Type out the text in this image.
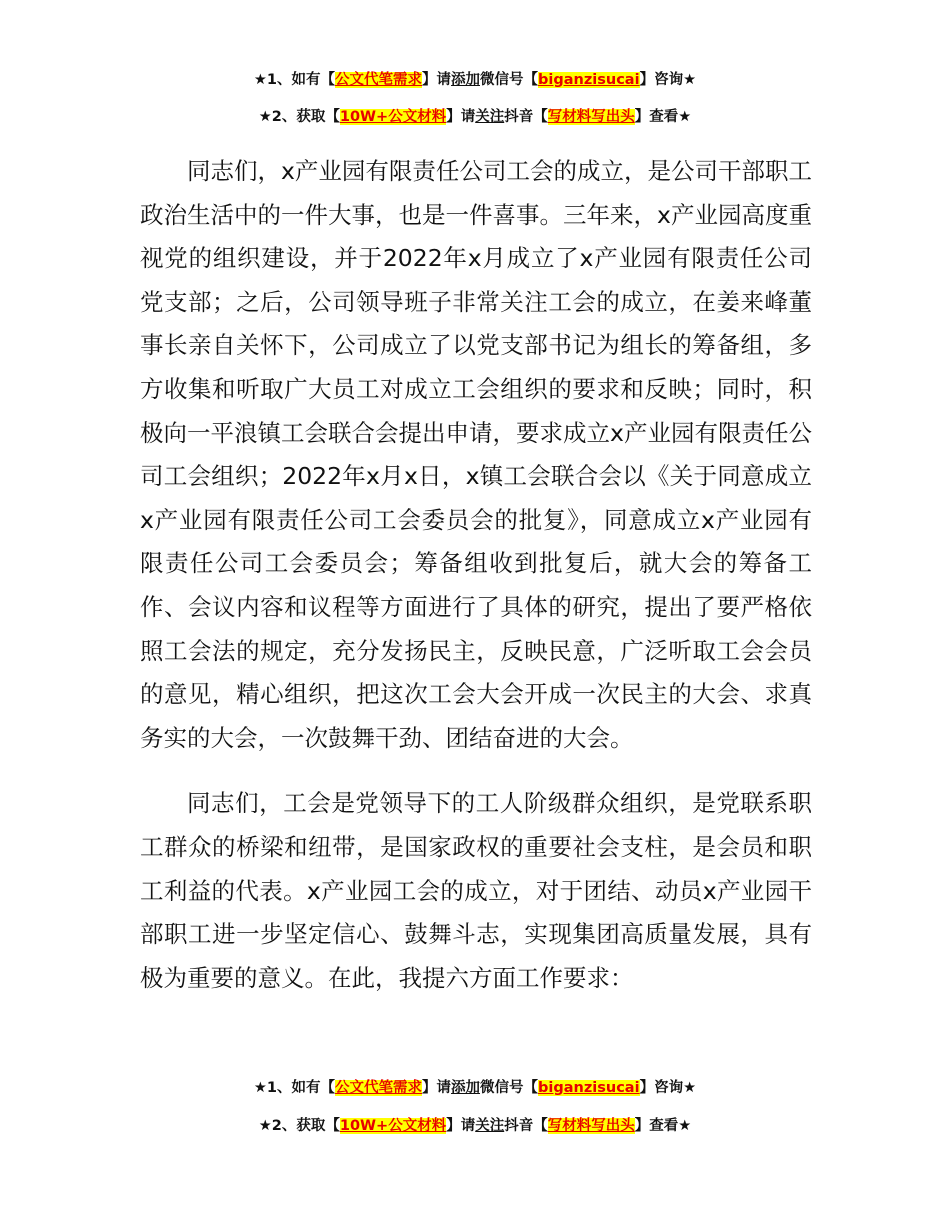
★1、如有【公文代笔需求】请添加微信号【biganzisucai】咨询★
★2、获取【10W+公文材料】请关注抖音【写材料写出头】查看★

同志们，x产业园有限责任公司工会的成立，是公司干部职工政治生活中的一件大事，也是一件喜事。三年来，x产业园高度重视党的组织建设，并于2022年x月成立了x产业园有限责任公司党支部；之后，公司领导班子非常关注工会的成立，在姜来峰董事长亲自关怀下，公司成立了以党支部书记为组长的筹备组，多方收集和听取广大员工对成立工会组织的要求和反映；同时，积极向一平浪镇工会联合会提出申请，要求成立x产业园有限责任公司工会组织；2022年x月x日，x镇工会联合会以《关于同意成立x产业园有限责任公司工会委员会的批复》，同意成立x产业园有限责任公司工会委员会；筹备组收到批复后，就大会的筹备工作、会议内容和议程等方面进行了具体的研究，提出了要严格依照工会法的规定，充分发扬民主，反映民意，广泛听取工会会员的意见，精心组织，把这次工会大会开成一次民主的大会、求真务实的大会，一次鼓舞干劲、团结奋进的大会。

同志们，工会是党领导下的工人阶级群众组织，是党联系职工群众的桥梁和纽带，是国家政权的重要社会支柱，是会员和职工利益的代表。x产业园工会的成立，对于团结、动员x产业园干部职工进一步坚定信心、鼓舞斗志，实现集团高质量发展，具有极为重要的意义。在此，我提六方面工作要求：

★1、如有【公文代笔需求】请添加微信号【biganzisucai】咨询★
★2、获取【10W+公文材料】请关注抖音【写材料写出头】查看★
